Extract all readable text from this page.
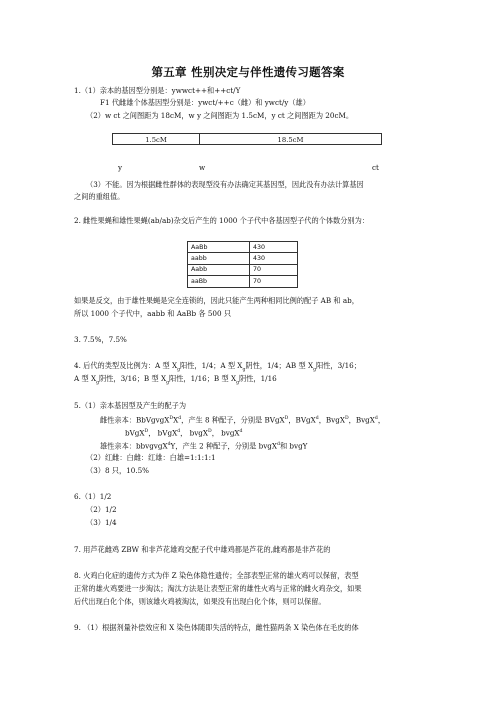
第五章 性别决定与伴性遗传习题答案
1.（1）亲本的基因型分别是：ywwct++和++ct/Y
F1 代雌雄个体基因型分别是：ywct/++c（雌）和 ywct/y（雄）
（2）w ct 之间图距为 18cM，w y 之间图距为 1.5cM，y ct 之间图距为 20cM。
1.5cM	18.5cM
y	w	ct
（3）不能。因为根据雌性群体的表现型没有办法确定其基因型，因此没有办法计算基因
之间的重组值。
2. 雌性果蝇和雄性果蝇(ab/ab)杂交后产生的 1000 个子代中各基因型子代的个体数分别为：
AaBb	430
aabb	430
Aabb	70
aaBb	70
如果是反交，由于雄性果蝇是完全连锁的，因此只能产生两种相同比例的配子 AB 和 ab，
所以 1000 个子代中，aabb 和 AaBb 各 500 只
3. 7.5%，7.5%
4. 后代的类型及比例为：A 型 $X_g$阳性，1/4；A 型 $X_g$阴性，1/4；AB 型 $X_g$阳性，3/16；
A 型 $X_g$阴性，3/16；B 型 $X_g$阳性，1/16；B 型 $X_g$阴性，1/16
5.（1）亲本基因型及产生的配子为
雌性亲本：$BbVgvgX^DX^d$，产生 8 种配子，分别是 BVgX$^D$，BVgX$^d$，BvgX$^D$，BvgX$^d$，
bVgX$^D$， bVgX$^d$， bvgX$^D$， bvgX$^d$
雄性亲本：bbvgvgX$^d$Y，产生 2 种配子，分别是 bvgX$^d$和 bvgY
（2）红雌：白雌：红雄：白雄=1:1:1:1
（3）8 只，10.5%
6.（1）1/2
（2）1/2
（3）1/4
7. 用芦花雌鸡 ZBW 和非芦花雄鸡交配子代中雄鸡都是芦花的,雌鸡都是非芦花的
8. 火鸡白化症的遗传方式为伴 Z 染色体隐性遗传；全部表型正常的雄火鸡可以保留，表型
正常的雄火鸡要进一步淘汰；淘汰方法是让表型正常的雄性火鸡与正常的雌火鸡杂交，如果
后代出现白化个体，则该雄火鸡被淘汰，如果没有出现白化个体，则可以保留。
9. （1）根据剂量补偿效应和 X 染色体随即失活的特点，雌性猫两条 X 染色体在毛皮的体
